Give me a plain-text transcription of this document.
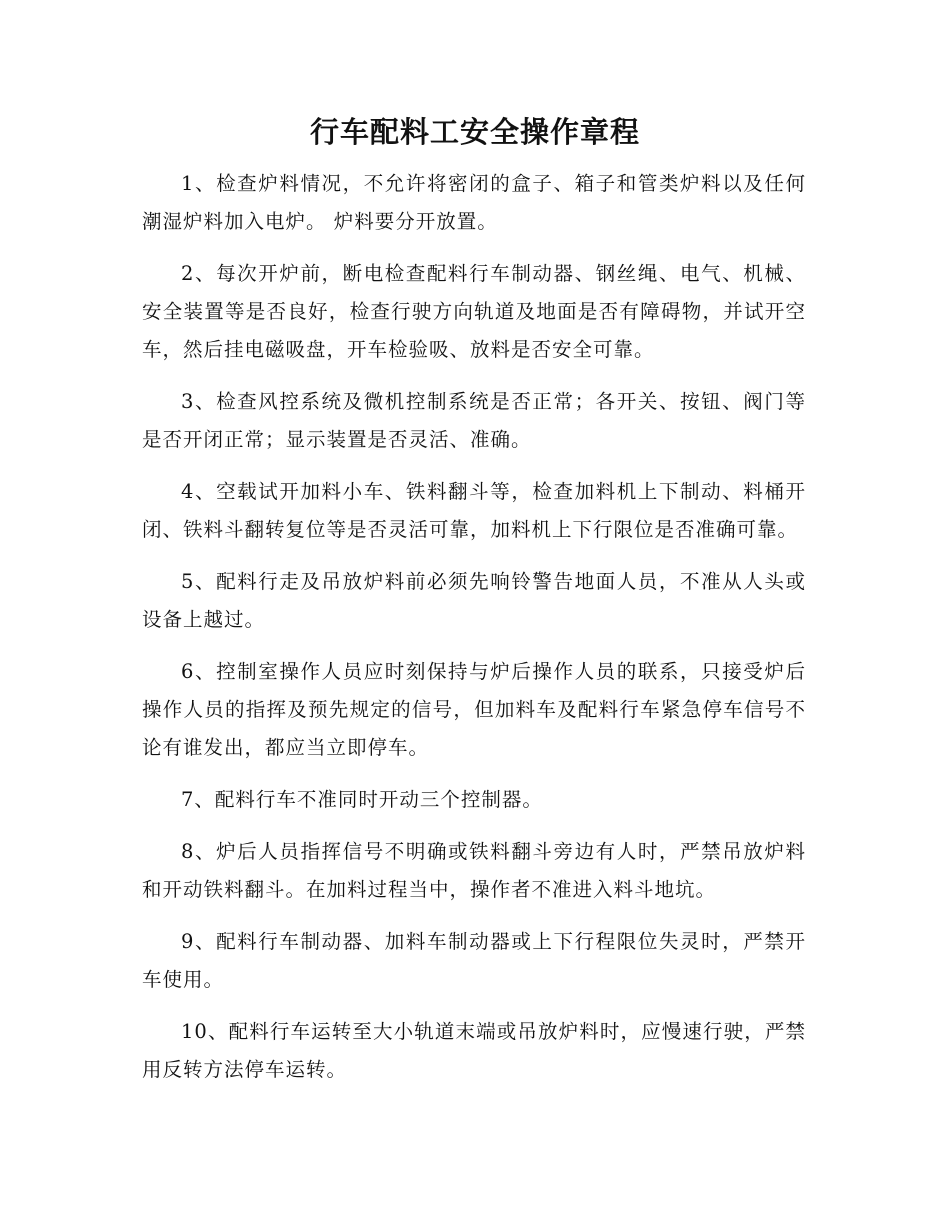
行车配料工安全操作章程

1、检查炉料情况，不允许将密闭的盒子、箱子和管类炉料以及任何潮湿炉料加入电炉。 炉料要分开放置。

2、每次开炉前，断电检查配料行车制动器、钢丝绳、电气、机械、安全装置等是否良好，检查行驶方向轨道及地面是否有障碍物，并试开空车，然后挂电磁吸盘，开车检验吸、放料是否安全可靠。

3、检查风控系统及微机控制系统是否正常；各开关、按钮、阀门等是否开闭正常；显示装置是否灵活、准确。

4、空载试开加料小车、铁料翻斗等，检查加料机上下制动、料桶开闭、铁料斗翻转复位等是否灵活可靠，加料机上下行限位是否准确可靠。

5、配料行走及吊放炉料前必须先响铃警告地面人员，不准从人头或设备上越过。

6、控制室操作人员应时刻保持与炉后操作人员的联系，只接受炉后操作人员的指挥及预先规定的信号，但加料车及配料行车紧急停车信号不论有谁发出，都应当立即停车。

7、配料行车不准同时开动三个控制器。

8、炉后人员指挥信号不明确或铁料翻斗旁边有人时，严禁吊放炉料和开动铁料翻斗。在加料过程当中，操作者不准进入料斗地坑。

9、配料行车制动器、加料车制动器或上下行程限位失灵时，严禁开车使用。

10、配料行车运转至大小轨道末端或吊放炉料时，应慢速行驶，严禁用反转方法停车运转。
